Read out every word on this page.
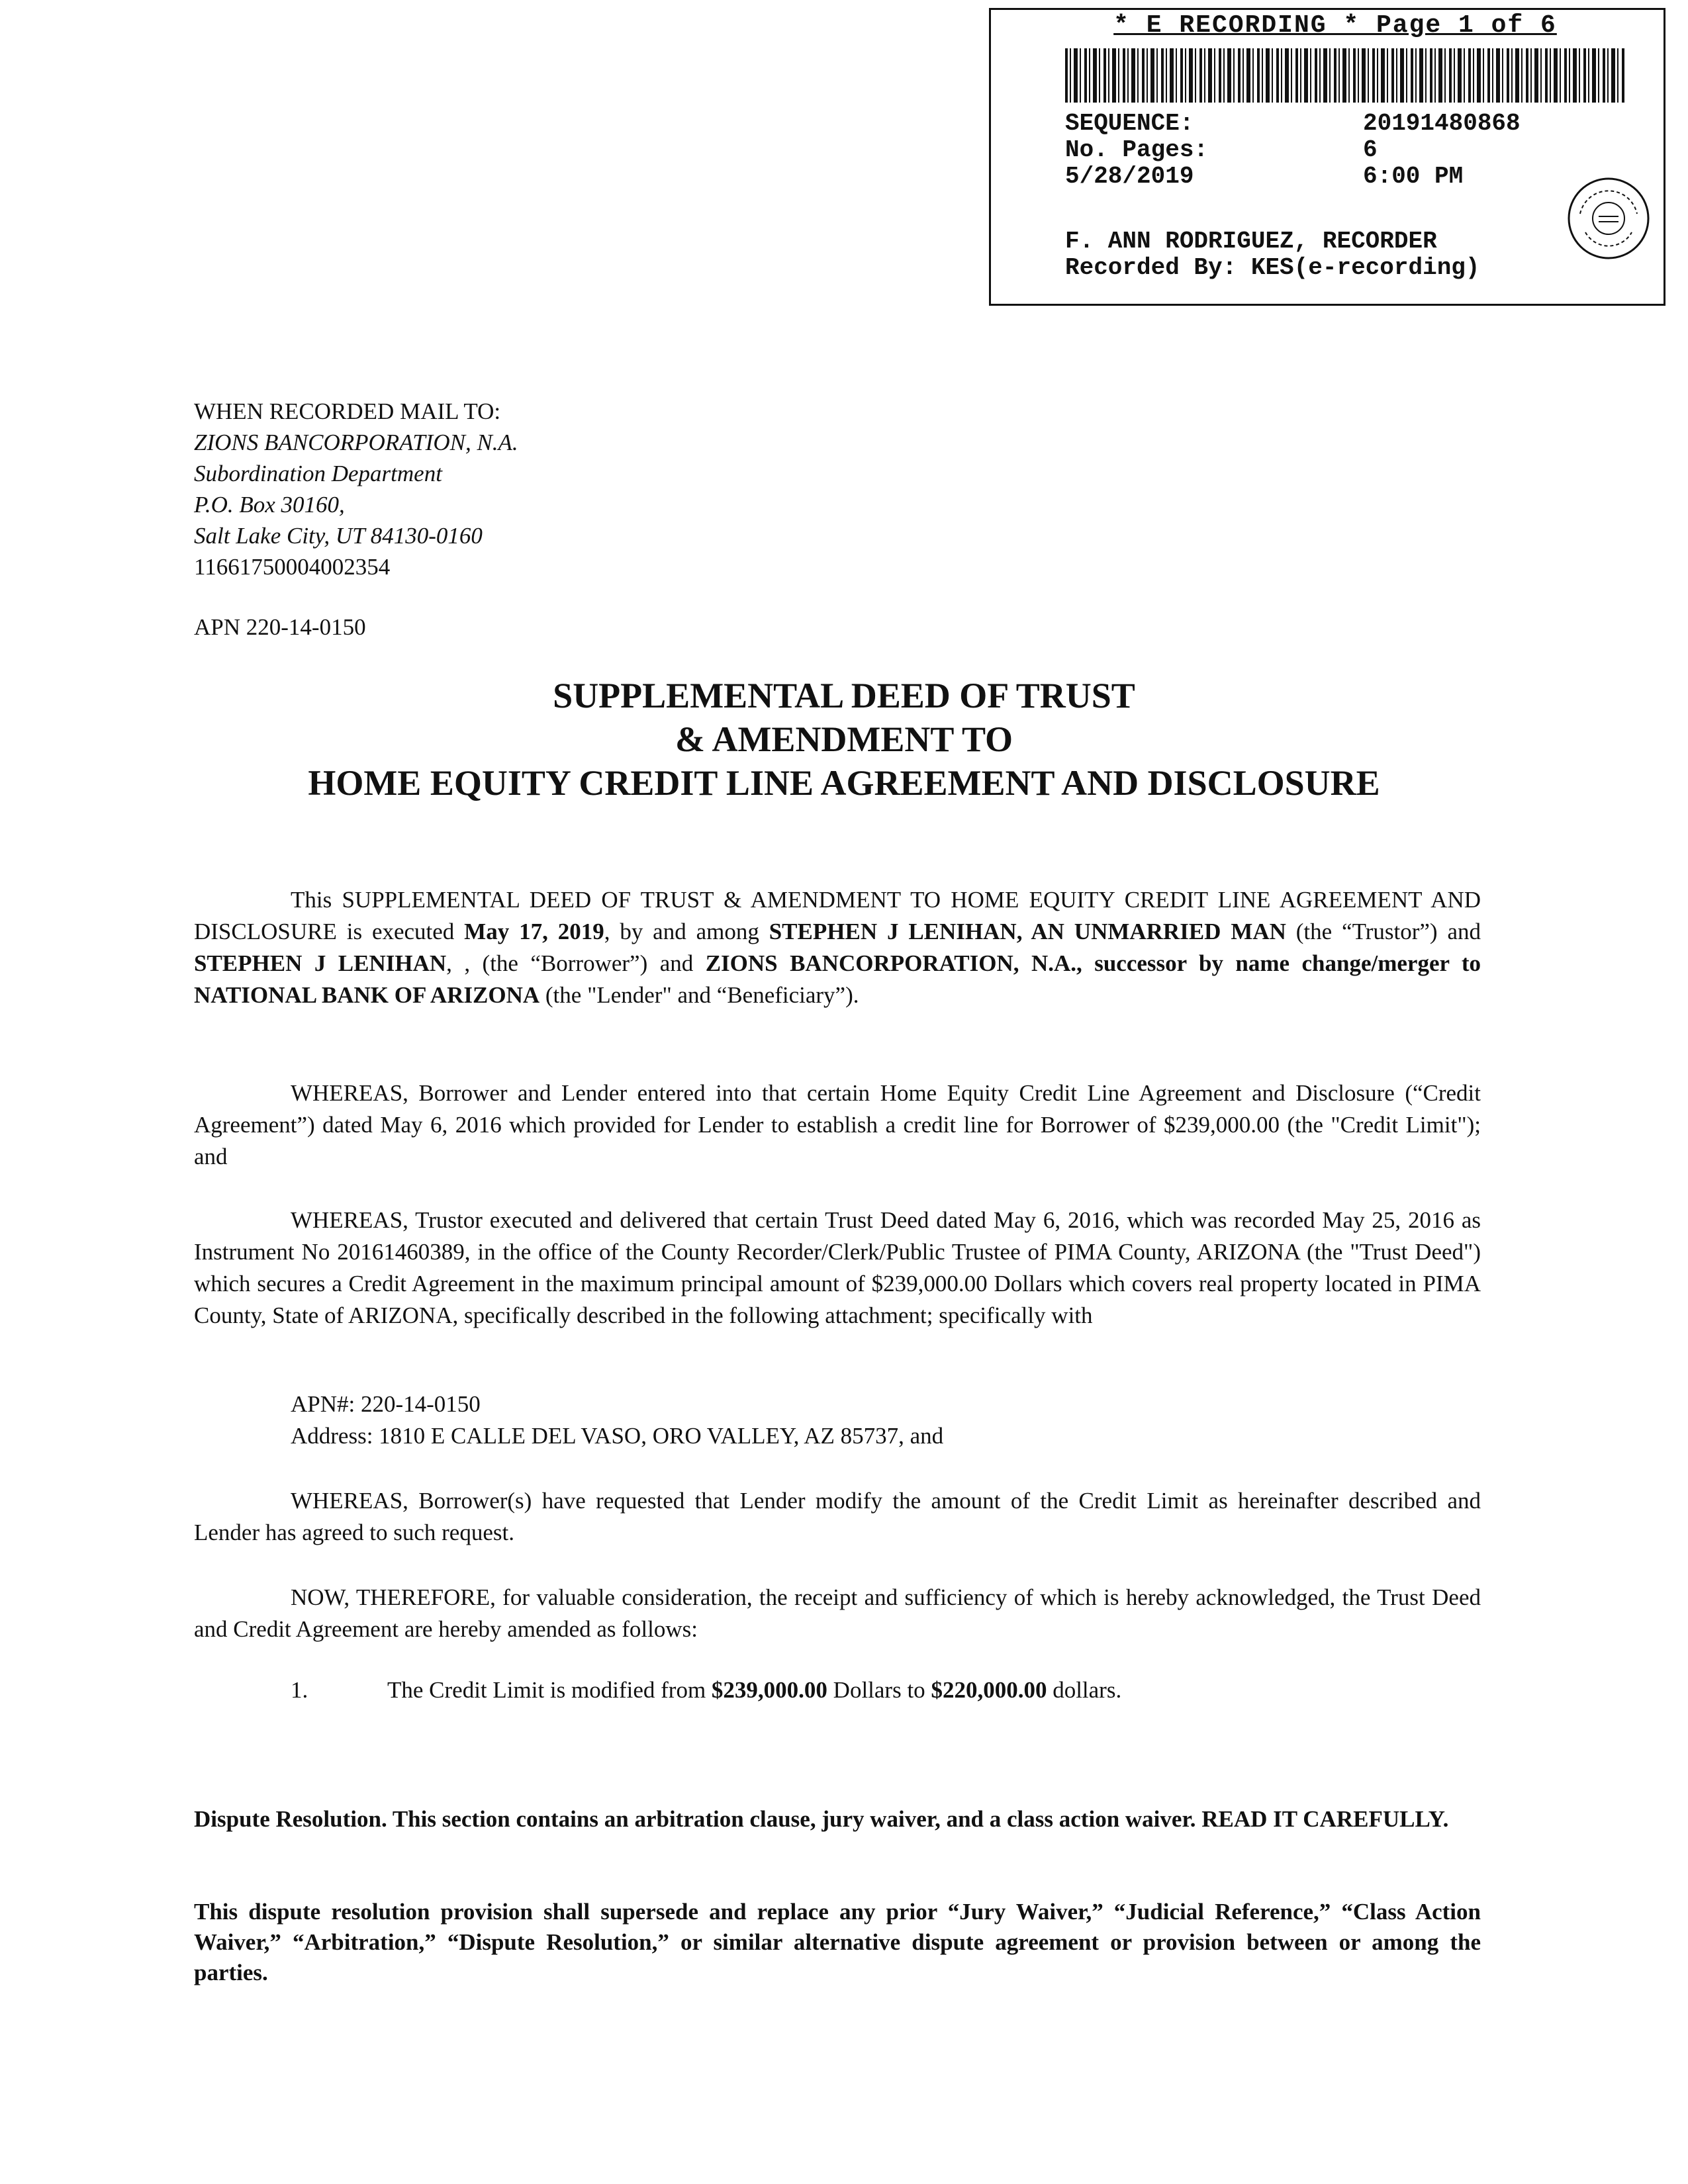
* E RECORDING * Page 1 of 6
SEQUENCE:	20191480868
No. Pages:	6
5/28/2019	6:00 PM
F. ANN RODRIGUEZ, RECORDER
Recorded By: KES(e-recording)
WHEN RECORDED MAIL TO:
ZIONS BANCORPORATION, N.A.
Subordination Department
P.O. Box 30160,
Salt Lake City, UT 84130-0160
11661750004002354
APN 220-14-0150
SUPPLEMENTAL DEED OF TRUST
& AMENDMENT TO
HOME EQUITY CREDIT LINE AGREEMENT AND DISCLOSURE

This SUPPLEMENTAL DEED OF TRUST & AMENDMENT TO HOME EQUITY CREDIT LINE AGREEMENT AND DISCLOSURE is executed May 17, 2019, by and among STEPHEN J LENIHAN, AN UNMARRIED MAN (the “Trustor”) and STEPHEN J LENIHAN, , (the “Borrower”) and ZIONS BANCORPORATION, N.A., successor by name change/merger to NATIONAL BANK OF ARIZONA (the "Lender" and “Beneficiary”).

WHEREAS, Borrower and Lender entered into that certain Home Equity Credit Line Agreement and Disclosure (“Credit Agreement”) dated May 6, 2016 which provided for Lender to establish a credit line for Borrower of $239,000.00 (the "Credit Limit"); and

WHEREAS, Trustor executed and delivered that certain Trust Deed dated May 6, 2016, which was recorded May 25, 2016 as Instrument No 20161460389, in the office of the County Recorder/Clerk/Public Trustee of PIMA County, ARIZONA (the "Trust Deed") which secures a Credit Agreement in the maximum principal amount of $239,000.00 Dollars which covers real property located in PIMA County, State of ARIZONA, specifically described in the following attachment; specifically with

APN#: 220-14-0150
Address: 1810 E CALLE DEL VASO, ORO VALLEY, AZ 85737, and

WHEREAS, Borrower(s) have requested that Lender modify the amount of the Credit Limit as hereinafter described and Lender has agreed to such request.

NOW, THEREFORE, for valuable consideration, the receipt and sufficiency of which is hereby acknowledged, the Trust Deed and Credit Agreement are hereby amended as follows:

1.	The Credit Limit is modified from $239,000.00 Dollars to $220,000.00 dollars.

Dispute Resolution. This section contains an arbitration clause, jury waiver, and a class action waiver. READ IT CAREFULLY.

This dispute resolution provision shall supersede and replace any prior “Jury Waiver,” “Judicial Reference,” “Class Action Waiver,” “Arbitration,” “Dispute Resolution,” or similar alternative dispute agreement or provision between or among the parties.
